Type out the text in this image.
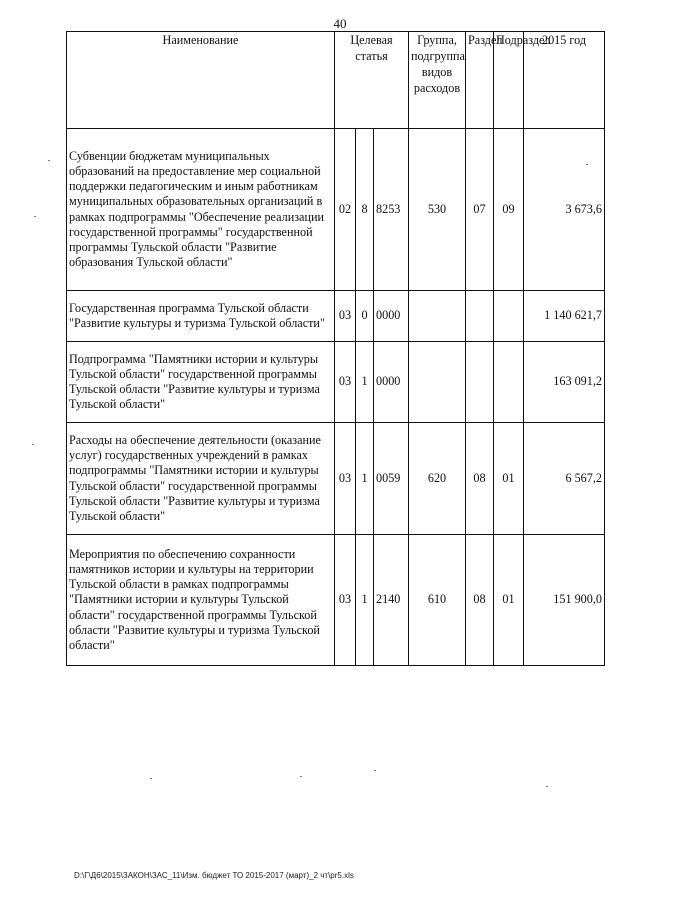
40
Наименование	Целевая статья			Группа, подгруппа видов расходов	Раздел	Подраздел	2015 год
Субвенции бюджетам муниципальных образований на предоставление мер социальной поддержки педагогическим и иным работникам муниципальных образовательных организаций в рамках подпрограммы "Обеспечение реализации государственной программы" государственной программы Тульской области "Развитие образования Тульской области"	02	8	8253	530	07	09	3 673,6
Государственная программа Тульской области "Развитие культуры и туризма Тульской области"	03	0	0000				1 140 621,7
Подпрограмма "Памятники истории и культуры Тульской области" государственной программы Тульской области "Развитие культуры и туризма Тульской области"	03	1	0000				163 091,2
Расходы на обеспечение деятельности (оказание услуг) государственных учреждений в рамках подпрограммы "Памятники истории и культуры Тульской области" государственной программы Тульской области "Развитие культуры и туризма Тульской области"	03	1	0059	620	08	01	6 567,2
Мероприятия по обеспечению сохранности памятников истории и культуры на территории Тульской области в рамках подпрограммы "Памятники истории и культуры Тульской области" государственной программы Тульской области "Развитие культуры и туризма Тульской области"	03	1	2140	610	08	01	151 900,0
D:\Г\Д6\2015\ЗАКОН\ЗАС_11\Изм. бюджет ТО 2015-2017 (март)_2 чт\pr5.xls
